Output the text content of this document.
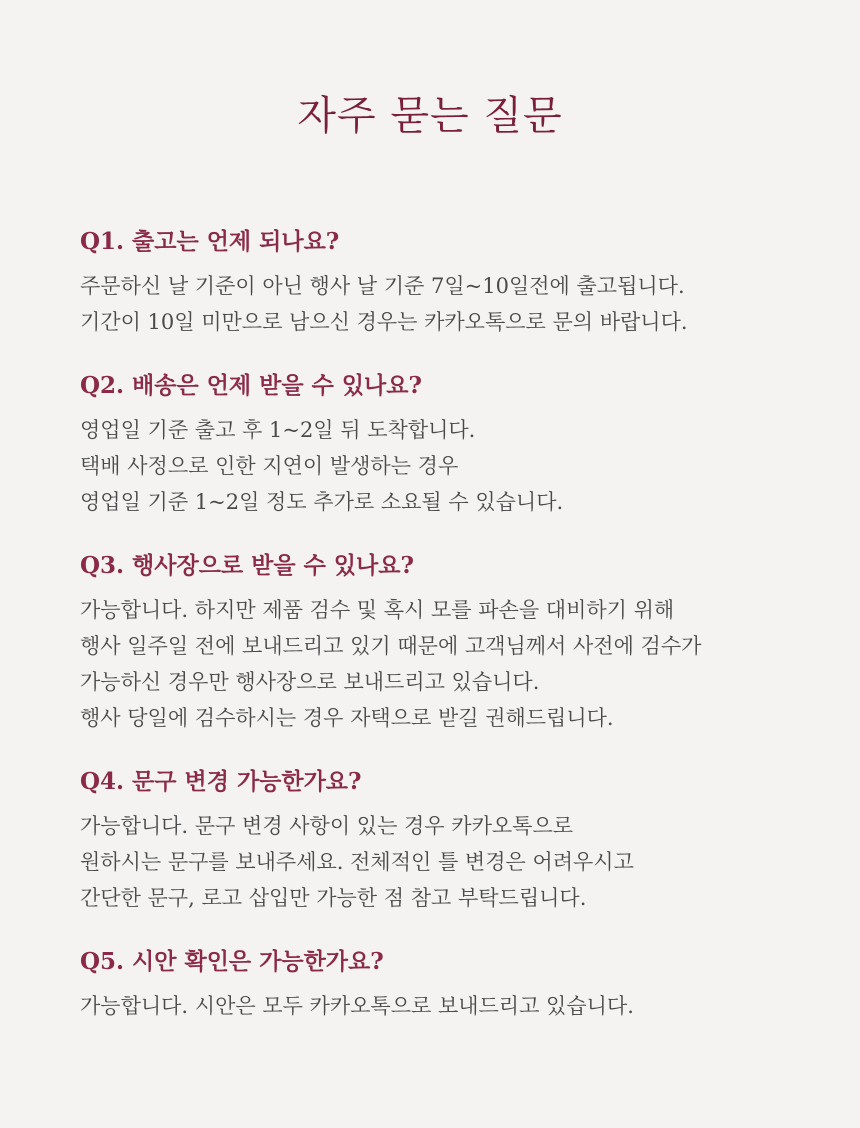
자주 묻는 질문

Q1. 출고는 언제 되나요?

주문하신 날 기준이 아닌 행사 날 기준 7일~10일전에 출고됩니다.

기간이 10일 미만으로 남으신 경우는 카카오톡으로 문의 바랍니다.

Q2. 배송은 언제 받을 수 있나요?

영업일 기준 출고 후 1~2일 뒤 도착합니다.

택배 사정으로 인한 지연이 발생하는 경우

영업일 기준 1~2일 정도 추가로 소요될 수 있습니다.

Q3. 행사장으로 받을 수 있나요?

가능합니다. 하지만 제품 검수 및 혹시 모를 파손을 대비하기 위해

행사 일주일 전에 보내드리고 있기 때문에 고객님께서 사전에 검수가

가능하신 경우만 행사장으로 보내드리고 있습니다.

행사 당일에 검수하시는 경우 자택으로 받길 권해드립니다.

Q4. 문구 변경 가능한가요?

가능합니다. 문구 변경 사항이 있는 경우 카카오톡으로

원하시는 문구를 보내주세요. 전체적인 틀 변경은 어려우시고

간단한 문구, 로고 삽입만 가능한 점 참고 부탁드립니다.

Q5. 시안 확인은 가능한가요?

가능합니다. 시안은 모두 카카오톡으로 보내드리고 있습니다.
